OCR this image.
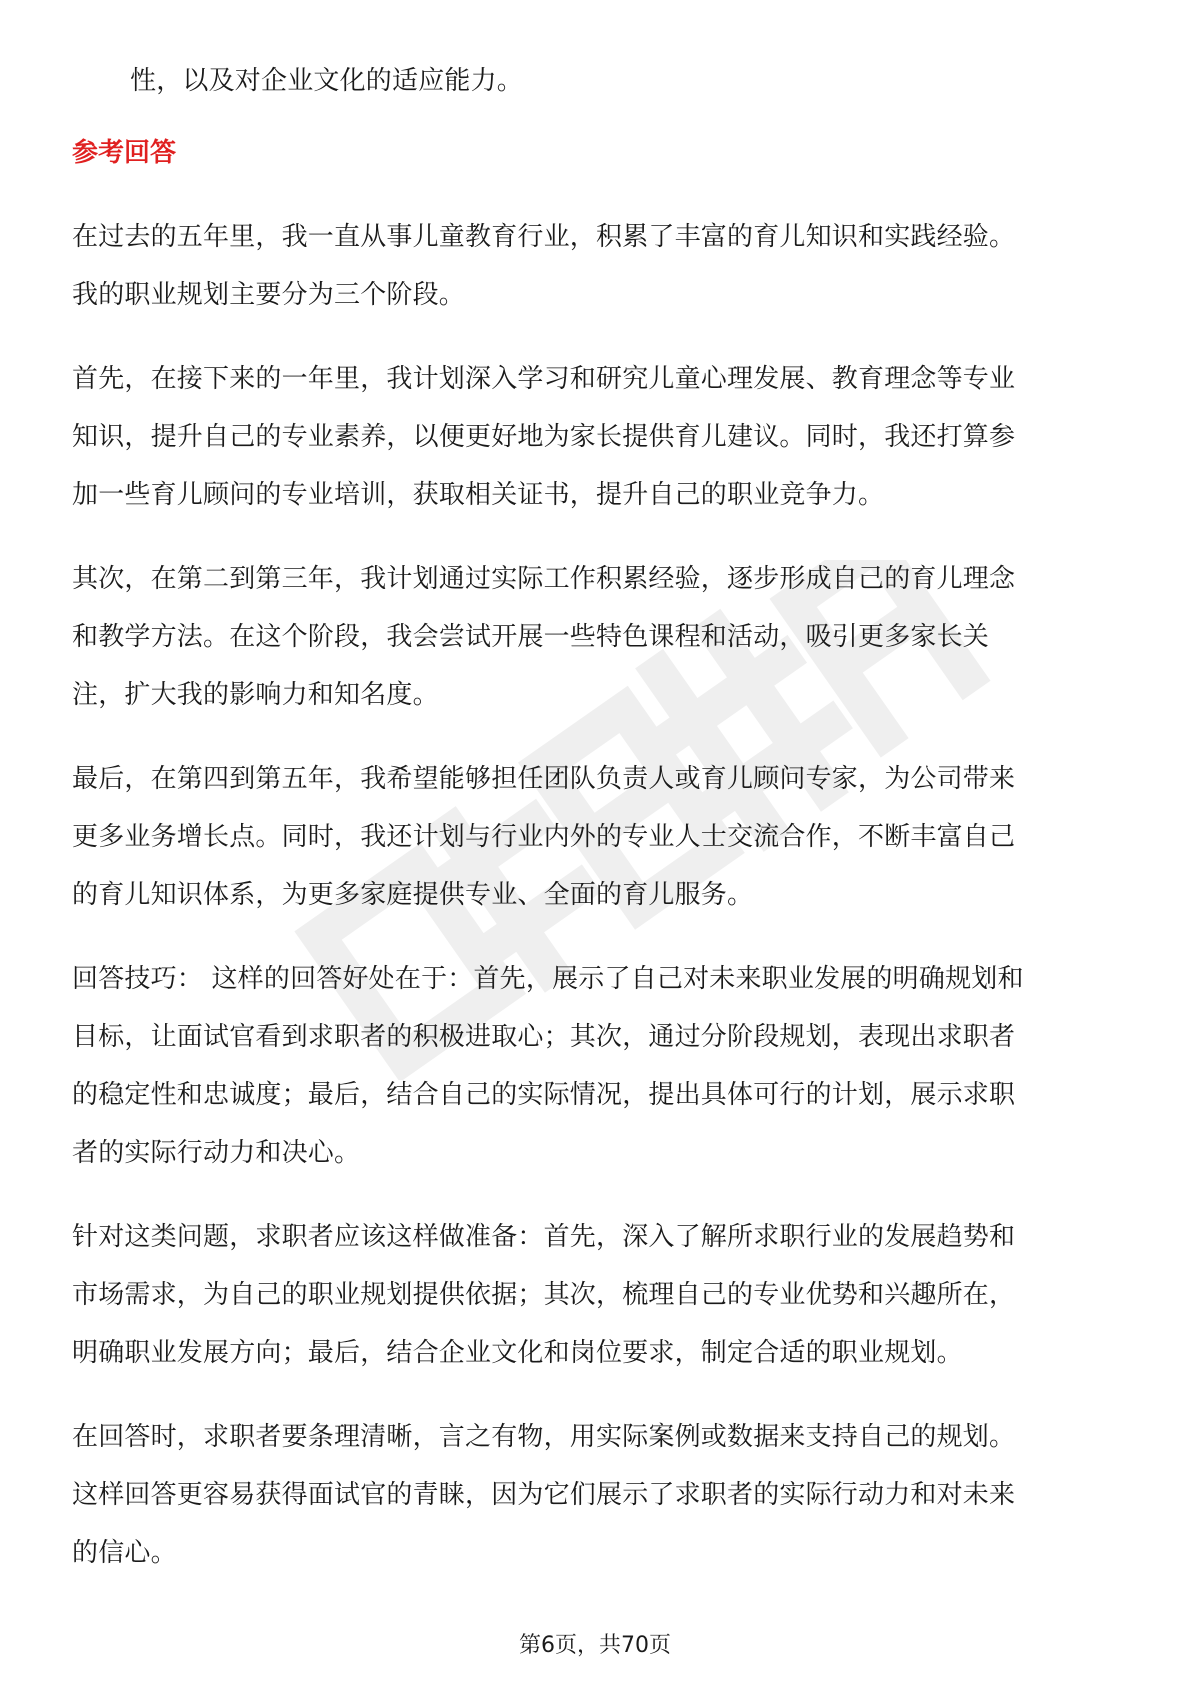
性，以及对企业文化的适应能力。
参考回答
在过去的五年里，我一直从事儿童教育行业，积累了丰富的育儿知识和实践经验。
我的职业规划主要分为三个阶段。
首先，在接下来的一年里，我计划深入学习和研究儿童心理发展、教育理念等专业
知识，提升自己的专业素养，以便更好地为家长提供育儿建议。同时，我还打算参
加一些育儿顾问的专业培训，获取相关证书，提升自己的职业竞争力。
其次，在第二到第三年，我计划通过实际工作积累经验，逐步形成自己的育儿理念
和教学方法。在这个阶段，我会尝试开展一些特色课程和活动，吸引更多家长关
注，扩大我的影响力和知名度。
最后，在第四到第五年，我希望能够担任团队负责人或育儿顾问专家，为公司带来
更多业务增长点。同时，我还计划与行业内外的专业人士交流合作，不断丰富自己
的育儿知识体系，为更多家庭提供专业、全面的育儿服务。
回答技巧： 这样的回答好处在于：首先，展示了自己对未来职业发展的明确规划和
目标，让面试官看到求职者的积极进取心；其次，通过分阶段规划，表现出求职者
的稳定性和忠诚度；最后，结合自己的实际情况，提出具体可行的计划，展示求职
者的实际行动力和决心。
针对这类问题，求职者应该这样做准备：首先，深入了解所求职行业的发展趋势和
市场需求，为自己的职业规划提供依据；其次，梳理自己的专业优势和兴趣所在，
明确职业发展方向；最后，结合企业文化和岗位要求，制定合适的职业规划。
在回答时，求职者要条理清晰，言之有物，用实际案例或数据来支持自己的规划。
这样回答更容易获得面试官的青睐，因为它们展示了求职者的实际行动力和对未来
的信心。
第6页，共70页
